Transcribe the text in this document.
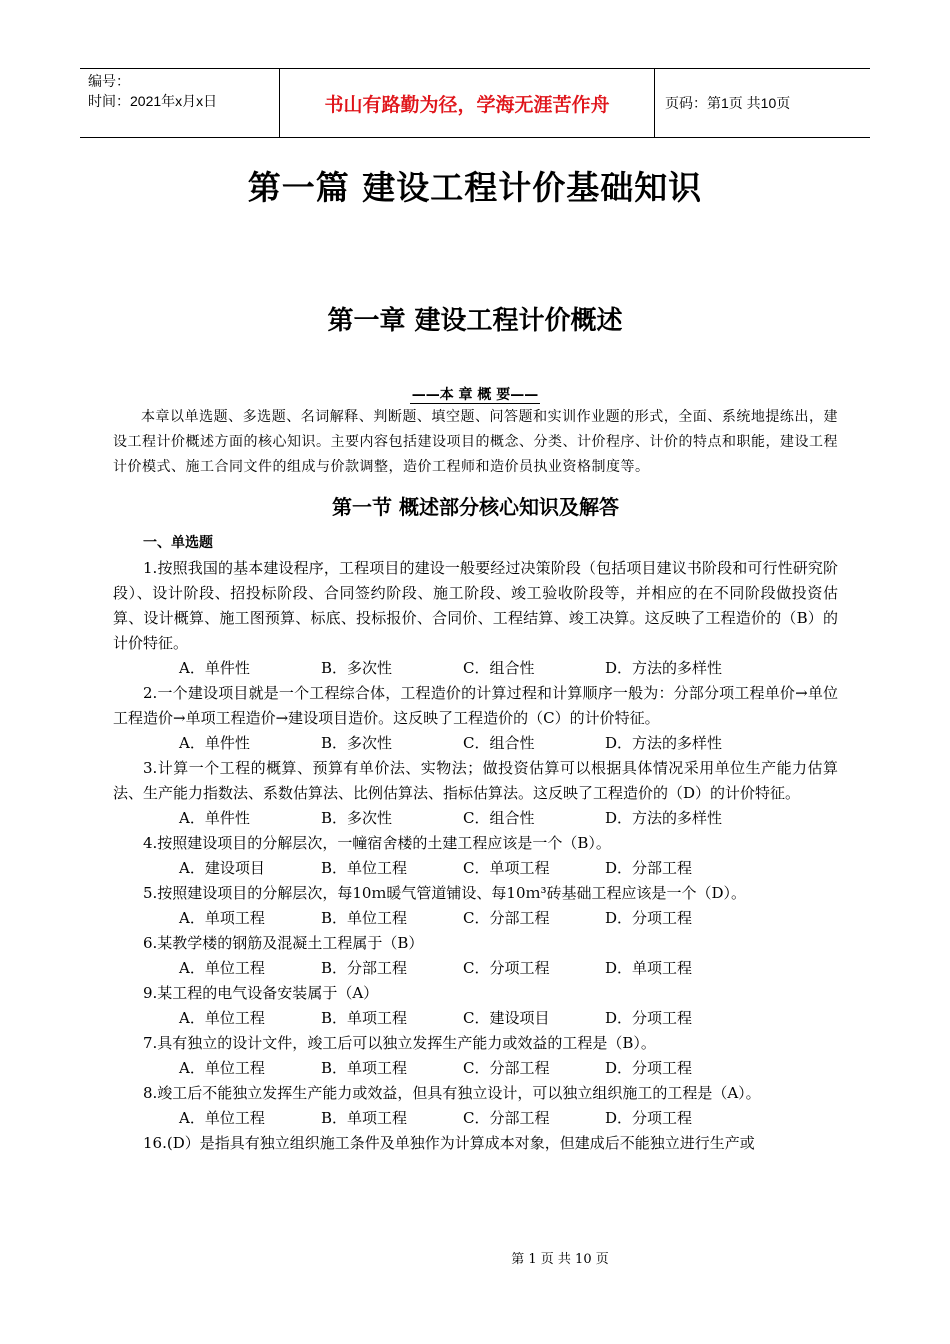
编号：
时间：2021年x月x日	书山有路勤为径，学海无涯苦作舟	页码：第1页 共10页
第一篇 建设工程计价基础知识
第一章 建设工程计价概述
——本 章 概 要——

本章以单选题、多选题、名词解释、判断题、填空题、问答题和实训作业题的形式，全面、系统地提练出，建设工程计价概述方面的核心知识。主要内容包括建设项目的概念、分类、计价程序、计价的特点和职能，建设工程计价模式、施工合同文件的组成与价款调整，造价工程师和造价员执业资格制度等。

第一节 概述部分核心知识及解答
一、单选题

1.按照我国的基本建设程序，工程项目的建设一般要经过决策阶段（包括项目建议书阶段和可行性研究阶段）、设计阶段、招投标阶段、合同签约阶段、施工阶段、竣工验收阶段等，并相应的在不同阶段做投资估算、设计概算、施工图预算、标底、投标报价、合同价、工程结算、竣工决算。这反映了工程造价的（B）的计价特征。

A．单件性	B．多次性	C．组合性	D．方法的多样性

2.一个建设项目就是一个工程综合体，工程造价的计算过程和计算顺序一般为：分部分项工程单价→单位工程造价→单项工程造价→建设项目造价。这反映了工程造价的（C）的计价特征。

A．单件性	B．多次性	C．组合性	D．方法的多样性

3.计算一个工程的概算、预算有单价法、实物法；做投资估算可以根据具体情况采用单位生产能力估算法、生产能力指数法、系数估算法、比例估算法、指标估算法。这反映了工程造价的（D）的计价特征。

A．单件性	B．多次性	C．组合性	D．方法的多样性

4.按照建设项目的分解层次，一幢宿舍楼的土建工程应该是一个（B）。

A．建设项目	B．单位工程	C．单项工程	D．分部工程

5.按照建设项目的分解层次，每10ｍ暖气管道铺设、每10ｍ³砖基础工程应该是一个（D）。

A．单项工程	B．单位工程	C．分部工程	D．分项工程

6.某教学楼的钢筋及混凝土工程属于（B）

A．单位工程	B．分部工程	C．分项工程	D．单项工程

9.某工程的电气设备安装属于（A）

A．单位工程	B．单项工程	C．建设项目	D．分项工程

7.具有独立的设计文件，竣工后可以独立发挥生产能力或效益的工程是（B）。

A．单位工程	B．单项工程	C．分部工程	D．分项工程

8.竣工后不能独立发挥生产能力或效益，但具有独立设计，可以独立组织施工的工程是（A）。

A．单位工程	B．单项工程	C．分部工程	D．分项工程

16.(D）是指具有独立组织施工条件及单独作为计算成本对象，但建成后不能独立进行生产或

第 1 页 共 10 页
